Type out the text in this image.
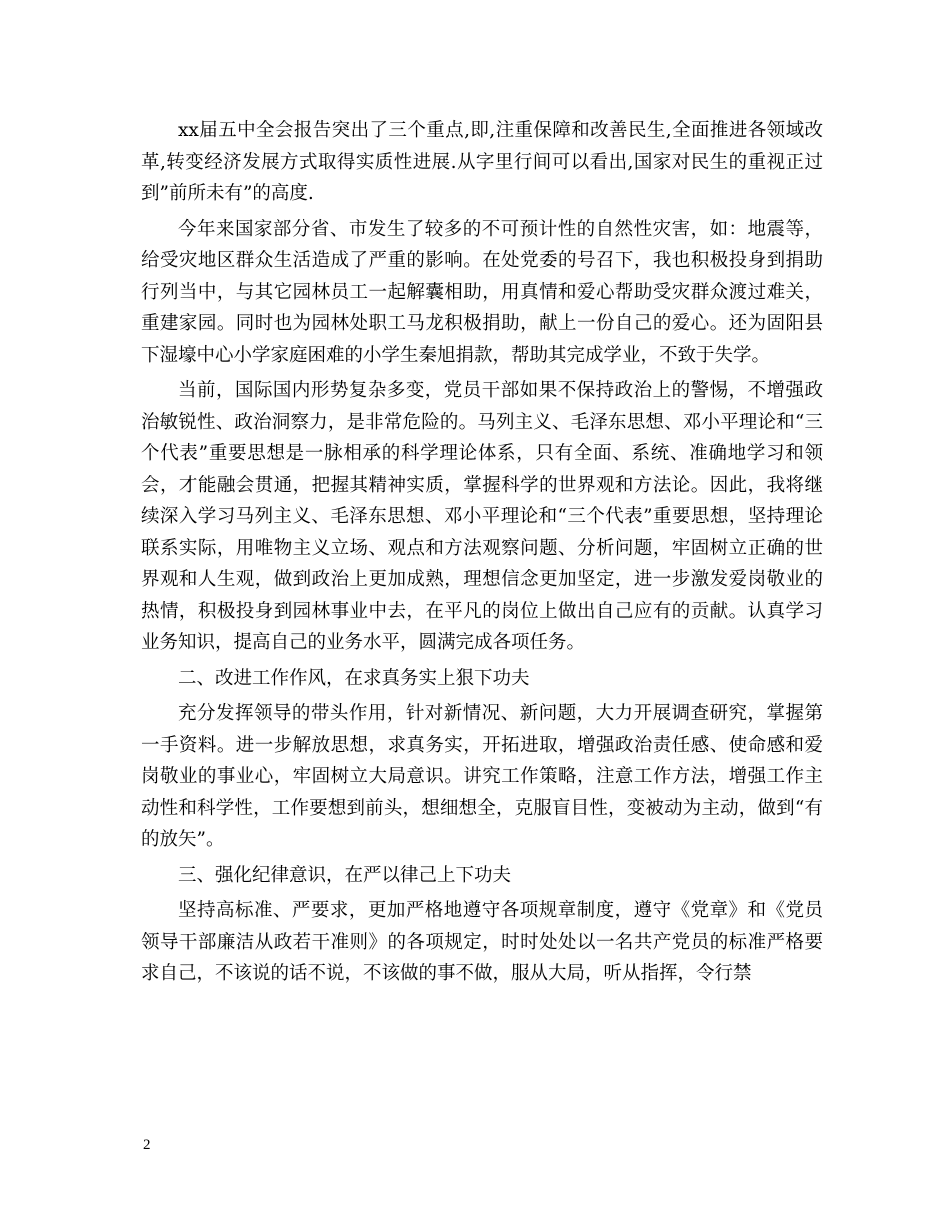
xx届五中全会报告突出了三个重点,即,注重保障和改善民生,全面推进各领域改革,转变经济发展方式取得实质性进展.从字里行间可以看出,国家对民生的重视正过到”前所未有”的高度.

今年来国家部分省、市发生了较多的不可预计性的自然性灾害，如：地震等，给受灾地区群众生活造成了严重的影响。在处党委的号召下，我也积极投身到捐助行列当中，与其它园林员工一起解囊相助，用真情和爱心帮助受灾群众渡过难关，重建家园。同时也为园林处职工马龙积极捐助，献上一份自己的爱心。还为固阳县下湿壕中心小学家庭困难的小学生秦旭捐款，帮助其完成学业，不致于失学。

当前，国际国内形势复杂多变，党员干部如果不保持政治上的警惕，不增强政治敏锐性、政治洞察力，是非常危险的。马列主义、毛泽东思想、邓小平理论和“三个代表”重要思想是一脉相承的科学理论体系，只有全面、系统、准确地学习和领会，才能融会贯通，把握其精神实质，掌握科学的世界观和方法论。因此，我将继续深入学习马列主义、毛泽东思想、邓小平理论和“三个代表”重要思想，坚持理论联系实际，用唯物主义立场、观点和方法观察问题、分析问题，牢固树立正确的世界观和人生观，做到政治上更加成熟，理想信念更加坚定，进一步激发爱岗敬业的热情，积极投身到园林事业中去，在平凡的岗位上做出自己应有的贡献。认真学习业务知识，提高自己的业务水平，圆满完成各项任务。

二、改进工作作风，在求真务实上狠下功夫

充分发挥领导的带头作用，针对新情况、新问题，大力开展调查研究，掌握第一手资料。进一步解放思想，求真务实，开拓进取，增强政治责任感、使命感和爱岗敬业的事业心，牢固树立大局意识。讲究工作策略，注意工作方法，增强工作主动性和科学性，工作要想到前头，想细想全，克服盲目性，变被动为主动，做到“有的放矢”。

三、强化纪律意识，在严以律己上下功夫

坚持高标准、严要求，更加严格地遵守各项规章制度，遵守《党章》和《党员领导干部廉洁从政若干准则》的各项规定，时时处处以一名共产党员的标准严格要求自己，不该说的话不说，不该做的事不做，服从大局，听从指挥，令行禁

2
